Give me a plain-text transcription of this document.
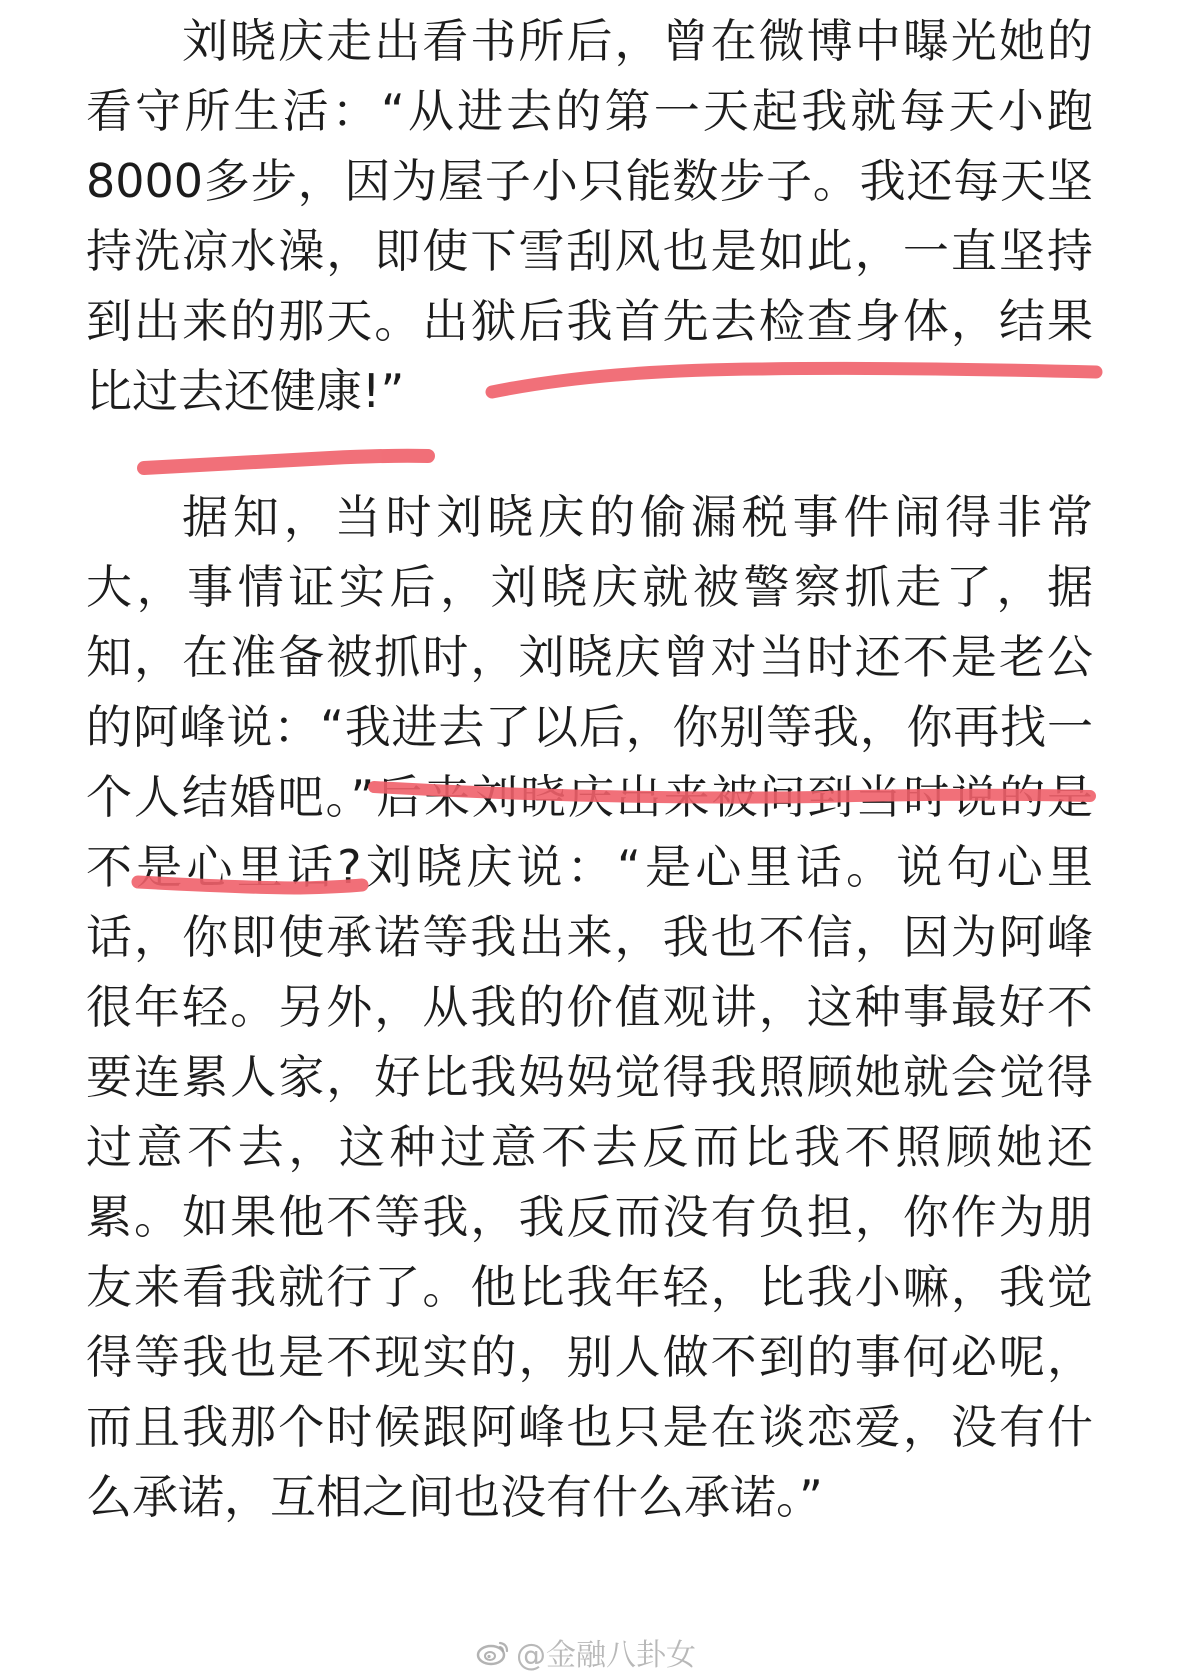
刘晓庆走出看书所后，曾在微博中曝光她的
看守所生活：“从进去的第一天起我就每天小跑
8000多步，因为屋子小只能数步子。我还每天坚
持洗凉水澡，即使下雪刮风也是如此，一直坚持
到出来的那天。出狱后我首先去检查身体，结果
比过去还健康!”
据知，当时刘晓庆的偷漏税事件闹得非常
大，事情证实后，刘晓庆就被警察抓走了，据
知，在准备被抓时，刘晓庆曾对当时还不是老公
的阿峰说：“我进去了以后，你别等我，你再找一
个人结婚吧。”后来刘晓庆出来被问到当时说的是
不是心里话?刘晓庆说：“是心里话。说句心里
话，你即使承诺等我出来，我也不信，因为阿峰
很年轻。另外，从我的价值观讲，这种事最好不
要连累人家，好比我妈妈觉得我照顾她就会觉得
过意不去，这种过意不去反而比我不照顾她还
累。如果他不等我，我反而没有负担，你作为朋
友来看我就行了。他比我年轻，比我小嘛，我觉
得等我也是不现实的，别人做不到的事何必呢，
而且我那个时候跟阿峰也只是在谈恋爱，没有什
么承诺，互相之间也没有什么承诺。”
@金融八卦女
